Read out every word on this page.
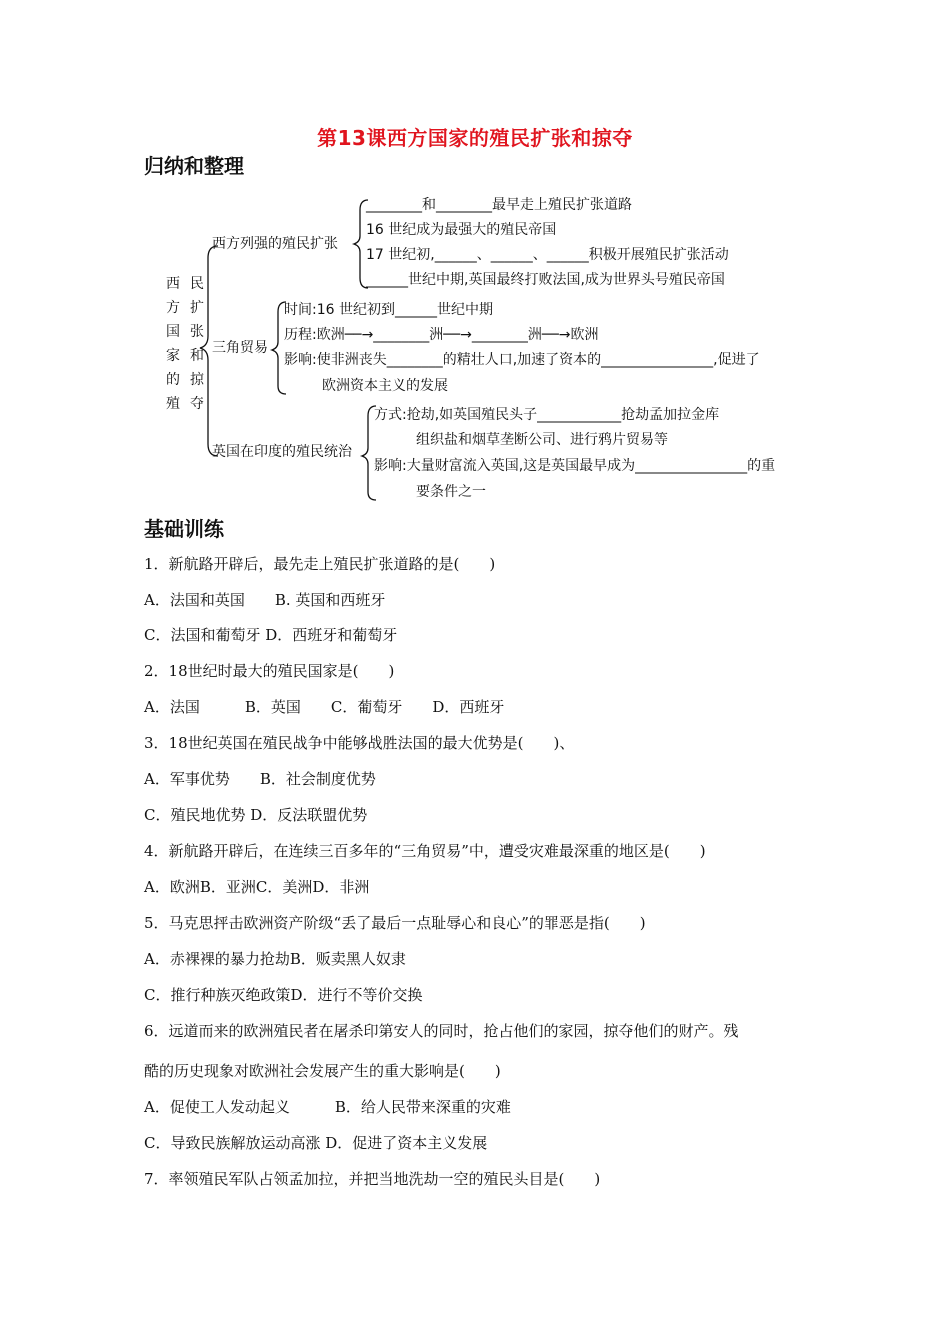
第13课西方国家的殖民扩张和掠夺
归纳和整理
西 民
方 扩
国 张
家 和
的 掠
殖 夺
西方列强的殖民扩张
________和________最早走上殖民扩张道路
16 世纪成为最强大的殖民帝国
17 世纪初,______、______、______积极开展殖民扩张活动
______世纪中期,英国最终打败法国,成为世界头号殖民帝国
三角贸易
时间:16 世纪初到______世纪中期
历程:欧洲──→________洲──→________洲──→欧洲
影响:使非洲丧失________的精壮人口,加速了资本的________________,促进了
欧洲资本主义的发展
英国在印度的殖民统治
方式:抢劫,如英国殖民头子____________抢劫孟加拉金库
组织盐和烟草垄断公司、进行鸦片贸易等
影响:大量财富流入英国,这是英国最早成为________________的重
要条件之一
基础训练
1．新航路开辟后，最先走上殖民扩张道路的是(　　)
A．法国和英国　　B. 英国和西班牙
C．法国和葡萄牙 D．西班牙和葡萄牙
2．18世纪时最大的殖民国家是(　　)
A．法国　　　B．英国　　C．葡萄牙　　D．西班牙
3．18世纪英国在殖民战争中能够战胜法国的最大优势是(　　)、
A．军事优势　　B．社会制度优势
C．殖民地优势 D．反法联盟优势
4．新航路开辟后，在连续三百多年的“三角贸易”中，遭受灾难最深重的地区是(　　)
A．欧洲B．亚洲C．美洲D．非洲
5．马克思抨击欧洲资产阶级“丢了最后一点耻辱心和良心”的罪恶是指(　　)
A．赤裸裸的暴力抢劫B．贩卖黑人奴隶
C．推行种族灭绝政策D．进行不等价交换
6．远道而来的欧洲殖民者在屠杀印第安人的同时，抢占他们的家园，掠夺他们的财产。残
酷的历史现象对欧洲社会发展产生的重大影响是(　　)
A．促使工人发动起义　　　B．给人民带来深重的灾难
C．导致民族解放运动高涨 D．促进了资本主义发展
7．率领殖民军队占领孟加拉，并把当地洗劫一空的殖民头目是(　　)
